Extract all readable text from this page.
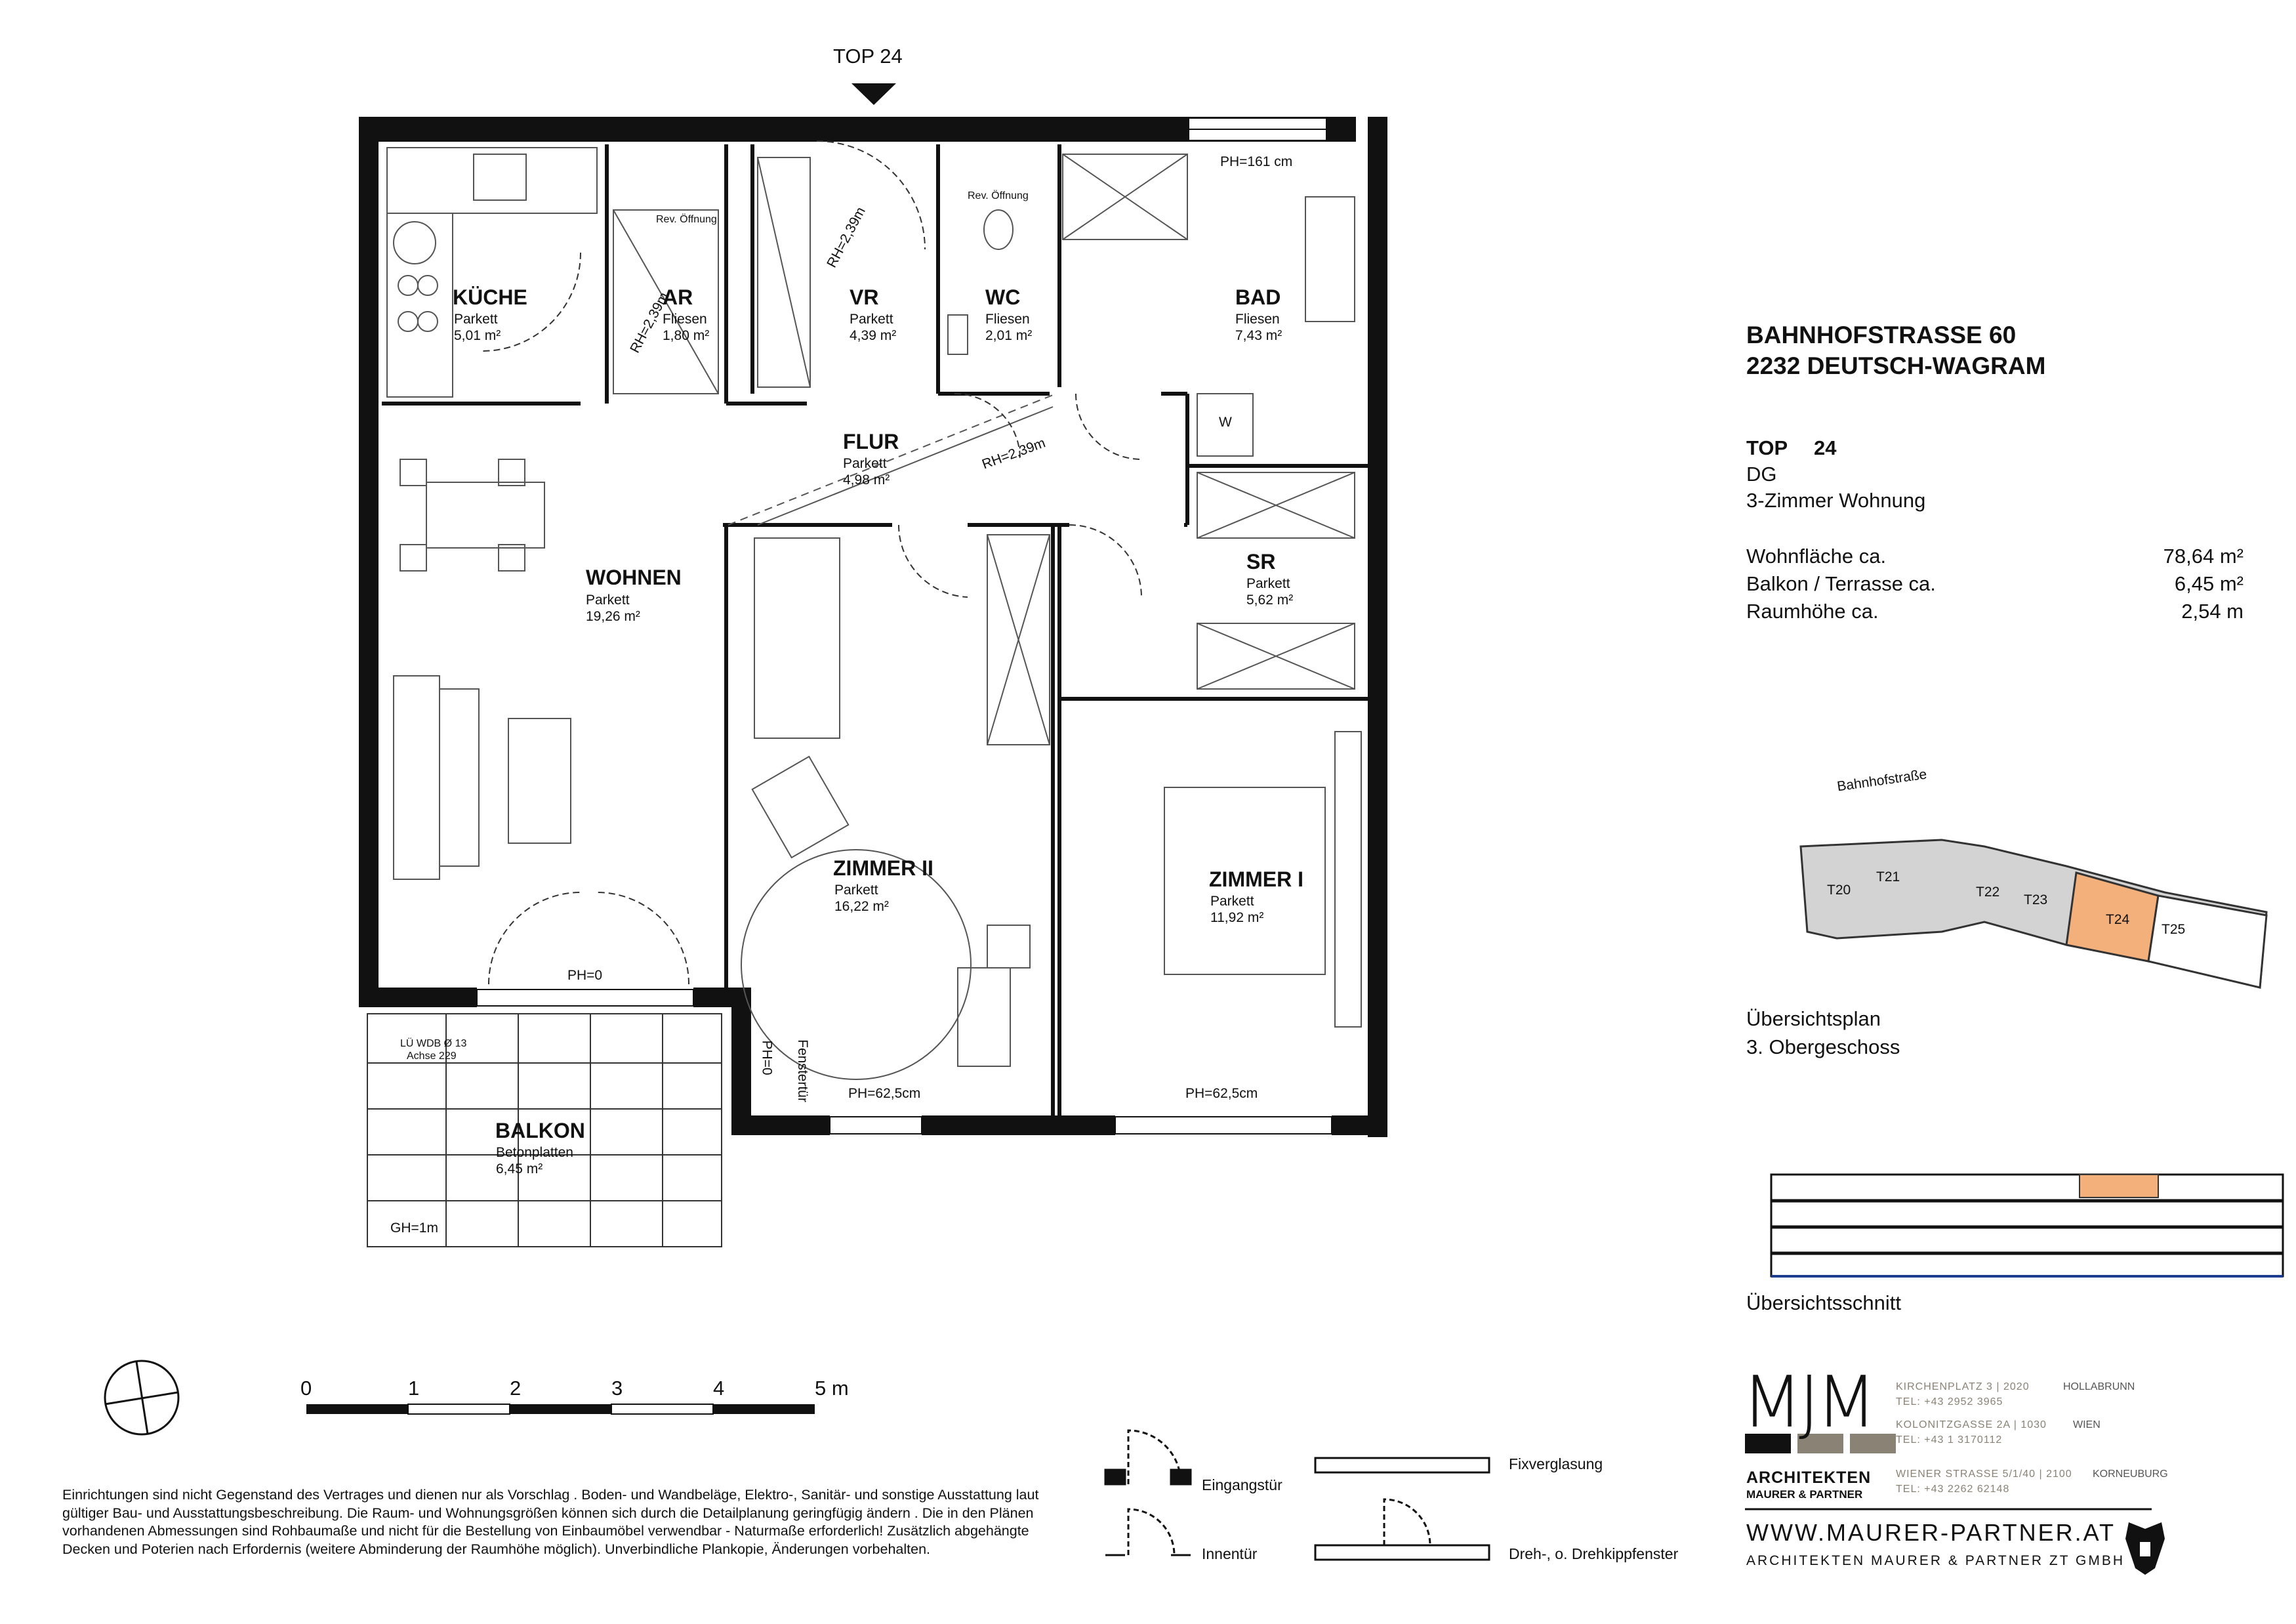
TOP 24
KÜCHE
Parkett
5,01 m²
AR
Fliesen
1,80 m²
VR
Parkett
4,39 m²
WC
Fliesen
2,01 m²
BAD
Fliesen
7,43 m²
FLUR
Parkett
4,98 m²
WOHNEN
Parkett
19,26 m²
SR
Parkett
5,62 m²
ZIMMER II
Parkett
16,22 m²
ZIMMER I
Parkett
11,92 m²
BALKON
Betonplatten
6,45 m²
PH=161 cm
Rev. Öffnung
Rev. Öffnung
RH=2,39m
RH=2,39m
RH=2,39m
W
PH=0
PH=0 Fenstertür	PH=62,5cm	PH=62,5cm
LÜ WDB Ø 13
Achse 229
GH=1m
BAHNHOFSTRASSE 60
2232 DEUTSCH-WAGRAM
TOP 24
DG
3-Zimmer Wohnung
Wohnfläche ca.	78,64 m²
Balkon / Terrasse ca.	6,45 m²
Raumhöhe ca.	2,54 m
Bahnhofstraße
T20
T21
T22
T23
T24
T25
Übersichtsplan
3. Obergeschoss
Übersichtsschnitt
0	1	2	3	4	5 m
Einrichtungen sind nicht Gegenstand des Vertrages und dienen nur als Vorschlag . Boden- und Wandbeläge, Elektro-, Sanitär- und sonstige Ausstattung laut gültiger Bau- und Ausstattungsbeschreibung. Die Raum- und Wohnungsgrößen können sich durch die Detailplanung geringfügig ändern . Die in den Plänen vorhandenen Abmessungen sind Rohbaumaße und nicht für die Bestellung von Einbaumöbel verwendbar - Naturmaße erforderlich! Zusätzlich abgehängte Decken und Poterien nach Erfordernis (weitere Abminderung der Raumhöhe möglich). Unverbindliche Plankopie, Änderungen vorbehalten.
Eingangstür
Innentür
Fixverglasung
Dreh-, o. Drehkippfenster
MJM
ARCHITEKTEN
MAURER & PARTNER
KIRCHENPLATZ 3 | 2020	HOLLABRUNN
TEL: +43 2952 3965
KOLONITZGASSE 2A | 1030	WIEN
TEL: +43 1 3170112
WIENER STRASSE 5/1/40 | 2100 KORNEUBURG
TEL: +43 2262 62148
WWW.MAURER-PARTNER.AT
ARCHITEKTEN MAURER & PARTNER ZT GMBH
